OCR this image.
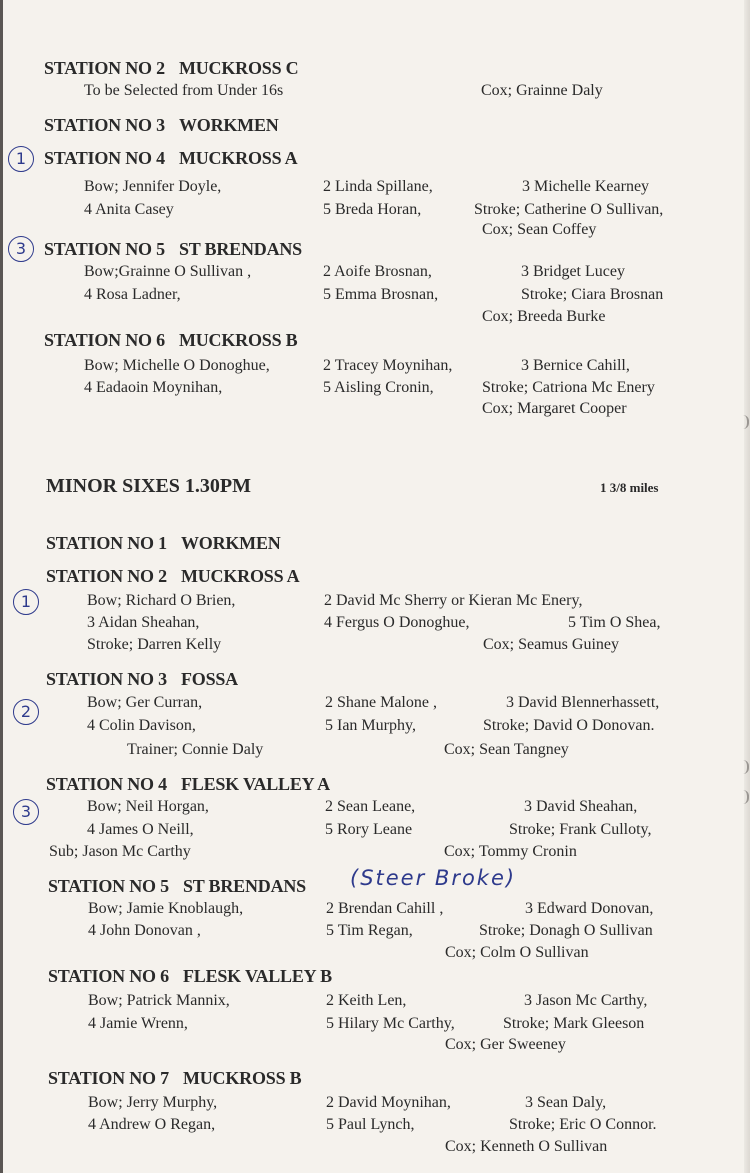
STATION NO 2 MUCKROSS C
To be Selected from Under 16s	Cox; Grainne Daly
STATION NO 3 WORKMEN
1 STATION NO 4 MUCKROSS A
Bow; Jennifer Doyle,	2 Linda Spillane,	3 Michelle Kearney
4 Anita Casey	5 Breda Horan,	Stroke; Catherine O Sullivan,
Cox; Sean Coffey
3 STATION NO 5 ST BRENDANS
Bow;Grainne O Sullivan ,	2 Aoife Brosnan,	3 Bridget Lucey
4 Rosa Ladner,	5 Emma Brosnan,	Stroke; Ciara Brosnan
Cox; Breeda Burke
STATION NO 6 MUCKROSS B
Bow; Michelle O Donoghue,	2 Tracey Moynihan,	3 Bernice Cahill,
4 Eadaoin Moynihan,	5 Aisling Cronin,	Stroke; Catriona Mc Enery
Cox; Margaret Cooper
MINOR SIXES 1.30PM	1 3/8 miles
STATION NO 1 WORKMEN
STATION NO 2 MUCKROSS A
1	Bow; Richard O Brien,	2 David Mc Sherry or Kieran Mc Enery,
3 Aidan Sheahan,	4 Fergus O Donoghue,	5 Tim O Shea,
Stroke; Darren Kelly	Cox; Seamus Guiney
STATION NO 3 FOSSA
2	Bow; Ger Curran,	2 Shane Malone ,	3 David Blennerhassett,
4 Colin Davison,	5 Ian Murphy,	Stroke; David O Donovan.
Trainer; Connie Daly	Cox; Sean Tangney
STATION NO 4 FLESK VALLEY A
3	Bow; Neil Horgan,	2 Sean Leane,	3 David Sheahan,
4 James O Neill,	5 Rory Leane	Stroke; Frank Culloty,
Sub; Jason Mc Carthy	Cox; Tommy Cronin
STATION NO 5 ST BRENDANS (Steer Broke)
Bow; Jamie Knoblaugh,	2 Brendan Cahill ,	3 Edward Donovan,
4 John Donovan ,	5 Tim Regan,	Stroke; Donagh O Sullivan
Cox; Colm O Sullivan
STATION NO 6 FLESK VALLEY B
Bow; Patrick Mannix,	2 Keith Len,	3 Jason Mc Carthy,
4 Jamie Wrenn,	5 Hilary Mc Carthy,	Stroke; Mark Gleeson
Cox; Ger Sweeney
STATION NO 7 MUCKROSS B
Bow; Jerry Murphy,	2 David Moynihan,	3 Sean Daly,
4 Andrew O Regan,	5 Paul Lynch,	Stroke; Eric O Connor.
Cox; Kenneth O Sullivan
